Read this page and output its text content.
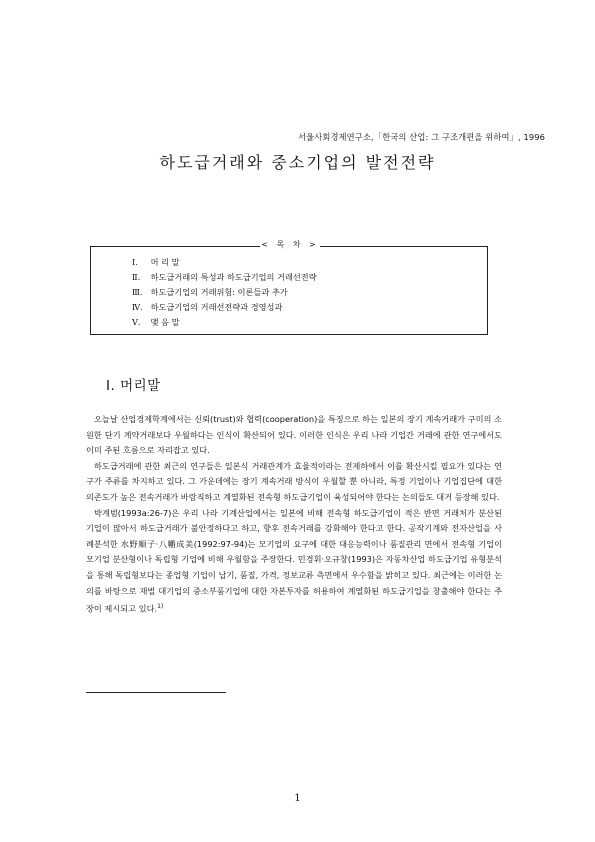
서울사회경제연구소,「한국의 산업: 그 구조개편을 위하여」, 1996
하도급거래와 중소기업의 발전전략
< 목 차 >
Ⅰ. 머 리 말
Ⅱ. 하도급거래의 특성과 하도급기업의 거래선전략
Ⅲ. 하도급기업의 거래위험: 이론들과 추가
Ⅳ. 하도급기업의 거래선전략과 경영성과
Ⅴ. 맺 음 말
Ⅰ. 머리말

오늘날 산업경제학계에서는 신뢰(trust)와 협력(cooperation)을 특징으로 하는 일본의 장기 계속거래가 구미의 소원한 단기 계약거래보다 우월하다는 인식이 확산되어 있다. 이러한 인식은 우리 나라 기업간 거래에 관한 연구에서도 이미 주된 흐름으로 자리잡고 있다.

하도급거래에 관한 최근의 연구들은 일본식 거래관계가 효율적이라는 전제하에서 이를 확산시킬 필요가 있다는 연구가 주류를 차지하고 있다. 그 가운데에는 장기 계속거래 방식이 우월할 뿐 아니라, 특정 기업이나 기업집단에 대한 의존도가 높은 전속거래가 바람직하고 계열화된 전속형 하도급기업이 육성되어야 한다는 논의들도 대거 등장해 있다.

박계범(1993a:26-7)은 우리 나라 기계산업에서는 일본에 비해 전속형 하도급기업이 적은 반면 거래처가 분산된 기업이 많아서 하도급거래가 불안정하다고 하고, 향후 전속거래를 강화해야 한다고 한다. 공작기계와 전자산업을 사례분석한 水野順子·八幡成美(1992:97-94)는 모기업의 요구에 대한 대응능력이나 품질관리 면에서 전속형 기업이 모기업 분산형이나 독립형 기업에 비해 우월함을 주장한다. 민경휘·오규창(1993)은 자동차산업 하도급기업 유형분석을 통해 독립형보다는 종업형 기업이 납기, 품질, 가격, 정보교류 측면에서 우수함을 밝히고 있다. 최근에는 이러한 논의를 바탕으로 재벌 대기업의 중소부품기업에 대한 자본투자를 허용하여 계열화된 하도급기업을 창출해야 한다는 주장이 제시되고 있다.$^{1)}$

1
